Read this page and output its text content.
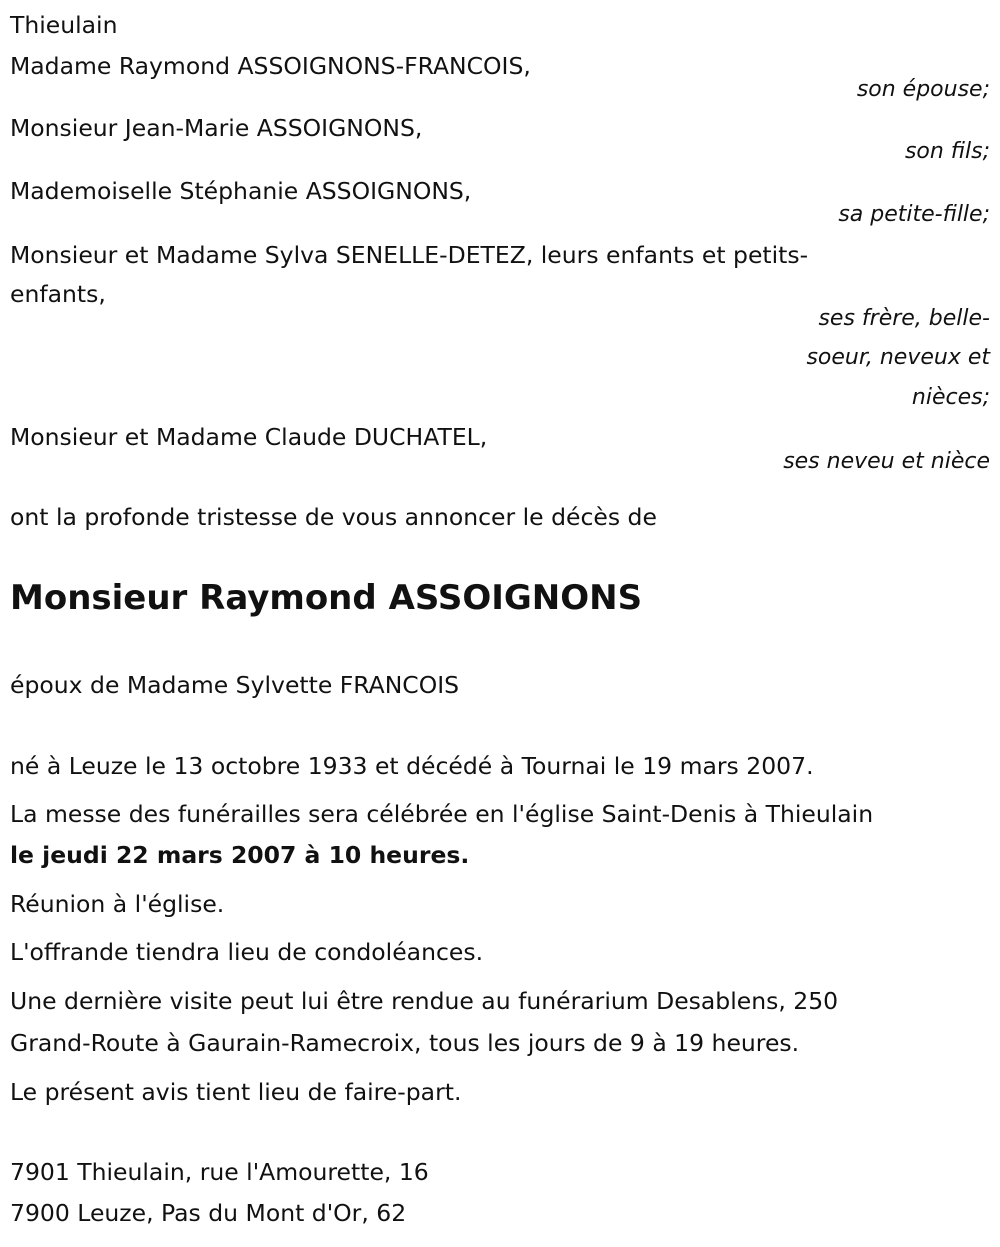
Thieulain
Madame Raymond ASSOIGNONS-FRANCOIS,
son épouse;
Monsieur Jean-Marie ASSOIGNONS,
son fils;
Mademoiselle Stéphanie ASSOIGNONS,
sa petite-fille;
Monsieur et Madame Sylva SENELLE-DETEZ, leurs enfants et petits-
enfants,
ses frère, belle-
soeur, neveux et
nièces;
Monsieur et Madame Claude DUCHATEL,
ses neveu et nièce
ont la profonde tristesse de vous annoncer le décès de
Monsieur Raymond ASSOIGNONS
époux de Madame Sylvette FRANCOIS
né à Leuze le 13 octobre 1933 et décédé à Tournai le 19 mars 2007.
La messe des funérailles sera célébrée en l'église Saint-Denis à Thieulain
le jeudi 22 mars 2007 à 10 heures.
Réunion à l'église.
L'offrande tiendra lieu de condoléances.
Une dernière visite peut lui être rendue au funérarium Desablens, 250
Grand-Route à Gaurain-Ramecroix, tous les jours de 9 à 19 heures.
Le présent avis tient lieu de faire-part.
7901 Thieulain, rue l'Amourette, 16
7900 Leuze, Pas du Mont d'Or, 62
